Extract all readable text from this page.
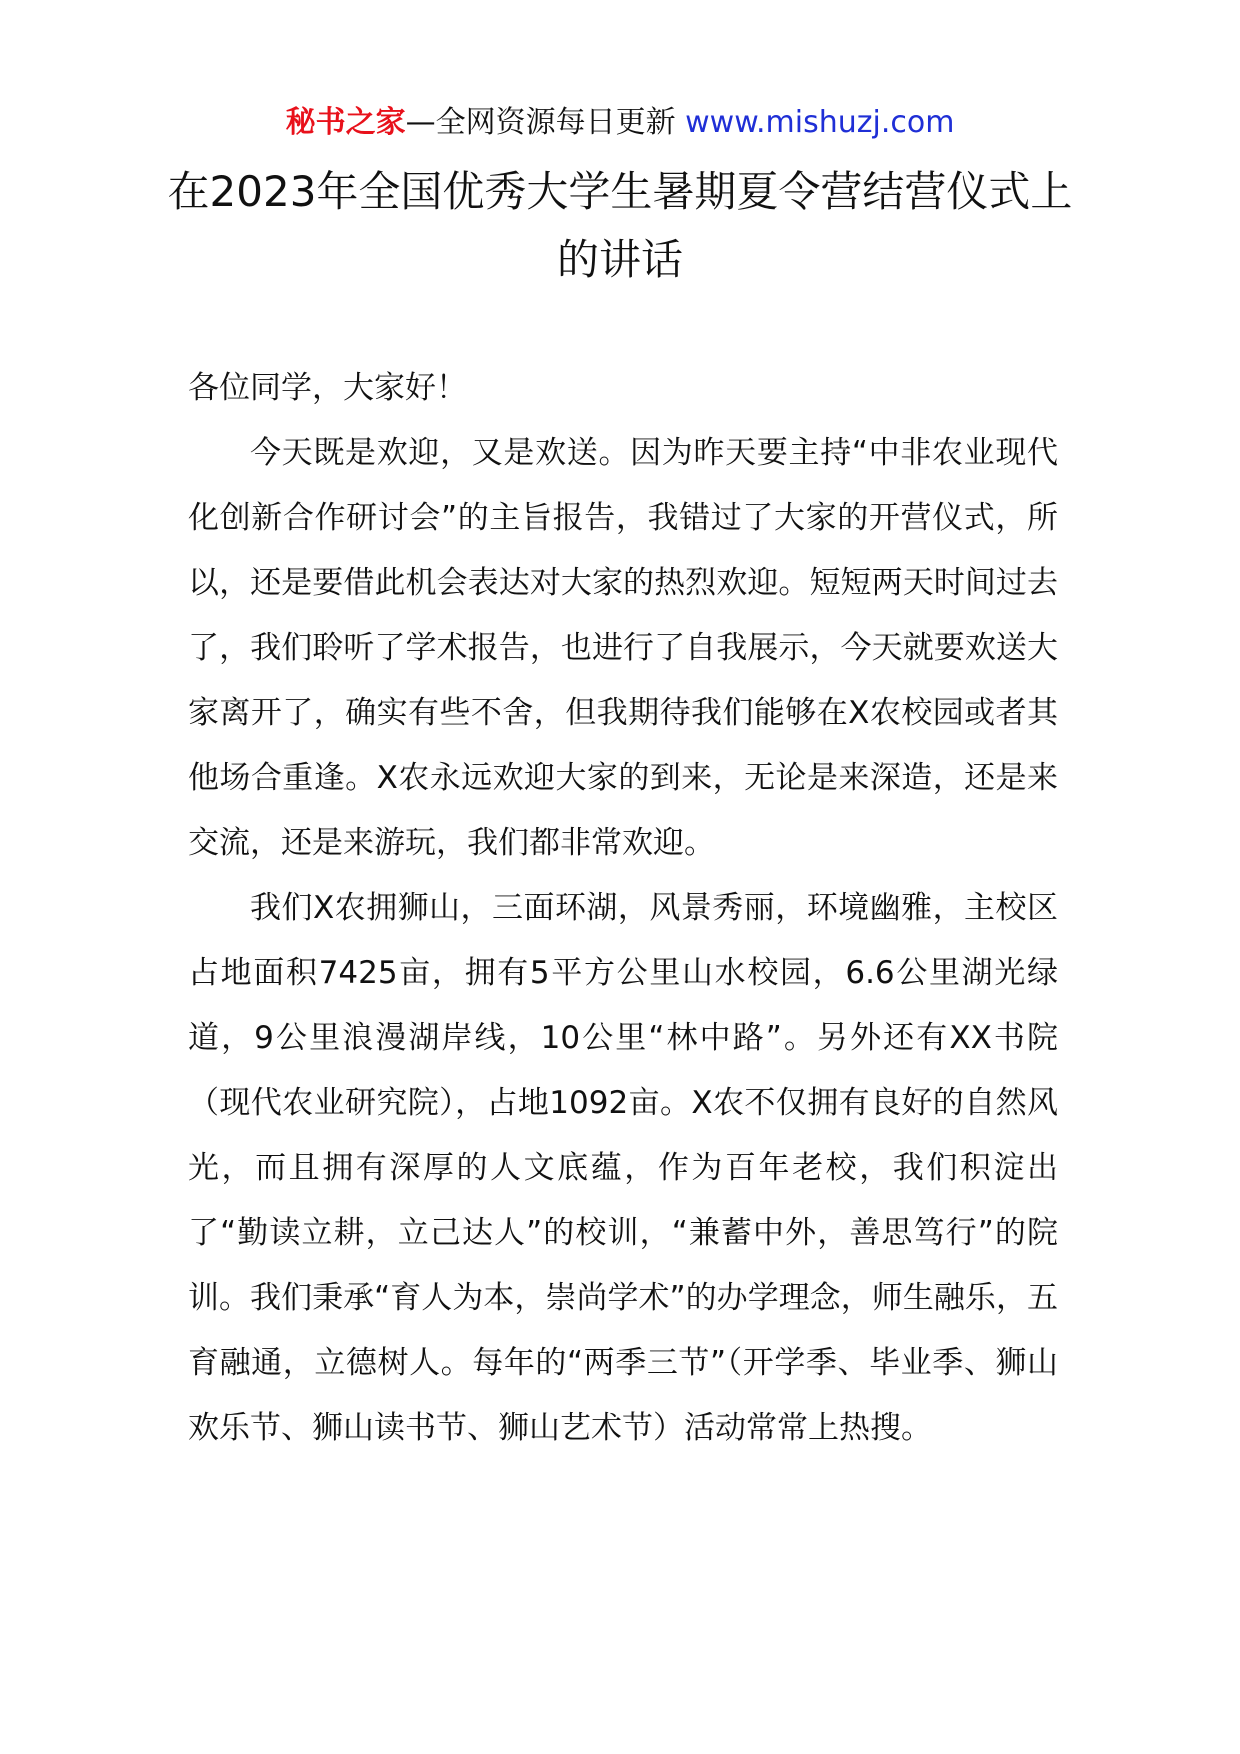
秘书之家—全网资源每日更新 www.mishuzj.com
在2023年全国优秀大学生暑期夏令营结营仪式上的讲话

各位同学，大家好！

今天既是欢迎，又是欢送。因为昨天要主持“中非农业现代化创新合作研讨会”的主旨报告，我错过了大家的开营仪式，所以，还是要借此机会表达对大家的热烈欢迎。短短两天时间过去了，我们聆听了学术报告，也进行了自我展示，今天就要欢送大家离开了，确实有些不舍，但我期待我们能够在X农校园或者其他场合重逢。X农永远欢迎大家的到来，无论是来深造，还是来交流，还是来游玩，我们都非常欢迎。

我们X农拥狮山，三面环湖，风景秀丽，环境幽雅，主校区占地面积7425亩，拥有5平方公里山水校园，6.6公里湖光绿道，9公里浪漫湖岸线，10公里“林中路”。另外还有XX书院（现代农业研究院），占地1092亩。X农不仅拥有良好的自然风光，而且拥有深厚的人文底蕴，作为百年老校，我们积淀出了“勤读立耕，立己达人”的校训，“兼蓄中外，善思笃行”的院训。我们秉承“育人为本，崇尚学术”的办学理念，师生融乐，五育融通，立德树人。每年的“两季三节”（开学季、毕业季、狮山欢乐节、狮山读书节、狮山艺术节）活动常常上热搜。
